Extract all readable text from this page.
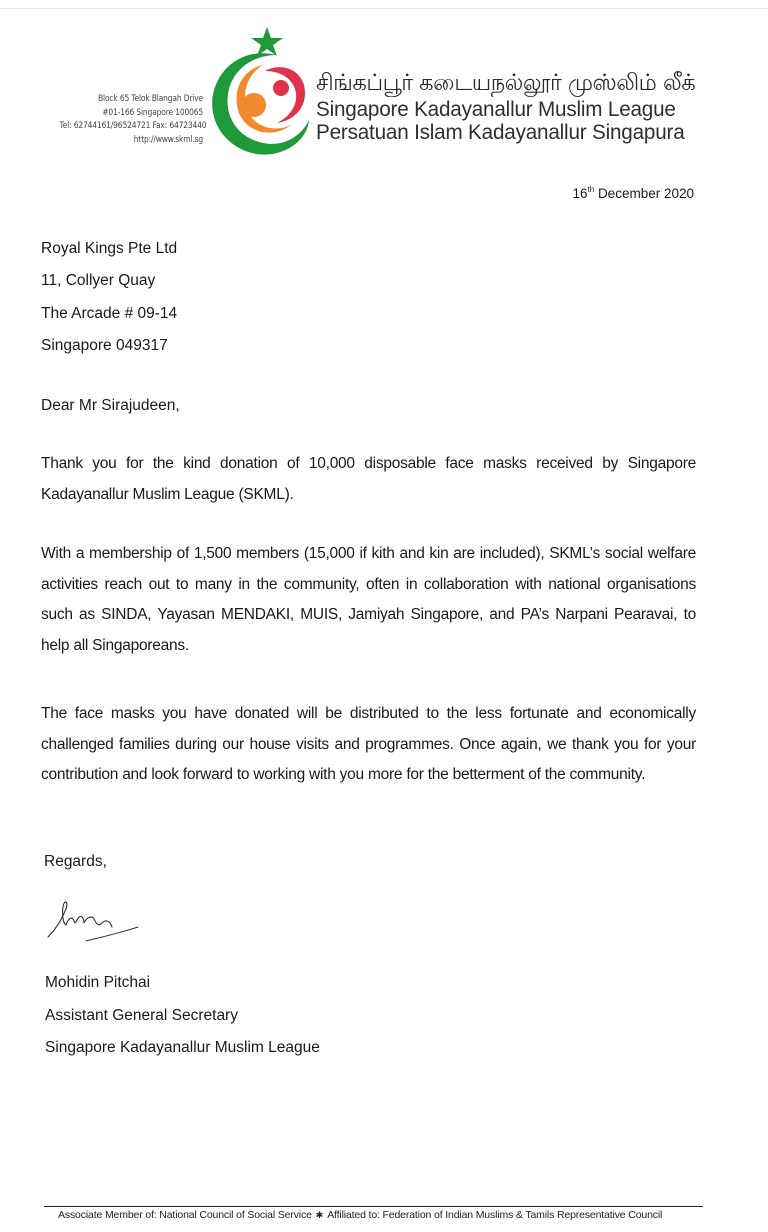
Block 65 Telok Blangah Drive
#01-166 Singapore 100065
Tel: 62744161/96524721 Fax: 64723440
http://www.skml.sg
சிங்கப்பூர் கடையநல்லூர் முஸ்லிம் லீக்
Singapore Kadayanallur Muslim League
Persatuan Islam Kadayanallur Singapura
16th December 2020
Royal Kings Pte Ltd
11, Collyer Quay
The Arcade # 09-14
Singapore 049317
Dear Mr Sirajudeen,
Thank you for the kind donation of 10,000 disposable face masks received by Singapore Kadayanallur Muslim League (SKML).
With a membership of 1,500 members (15,000 if kith and kin are included), SKML’s social welfare activities reach out to many in the community, often in collaboration with national organisations such as SINDA, Yayasan MENDAKI, MUIS, Jamiyah Singapore, and PA’s Narpani Pearavai, to help all Singaporeans.
The face masks you have donated will be distributed to the less fortunate and economically challenged families during our house visits and programmes. Once again, we thank you for your contribution and look forward to working with you more for the betterment of the community.
Regards,
Mohidin Pitchai
Assistant General Secretary
Singapore Kadayanallur Muslim League
Associate Member of: National Council of Social Service ✱ Affiliated to: Federation of Indian Muslims & Tamils Representative Council
